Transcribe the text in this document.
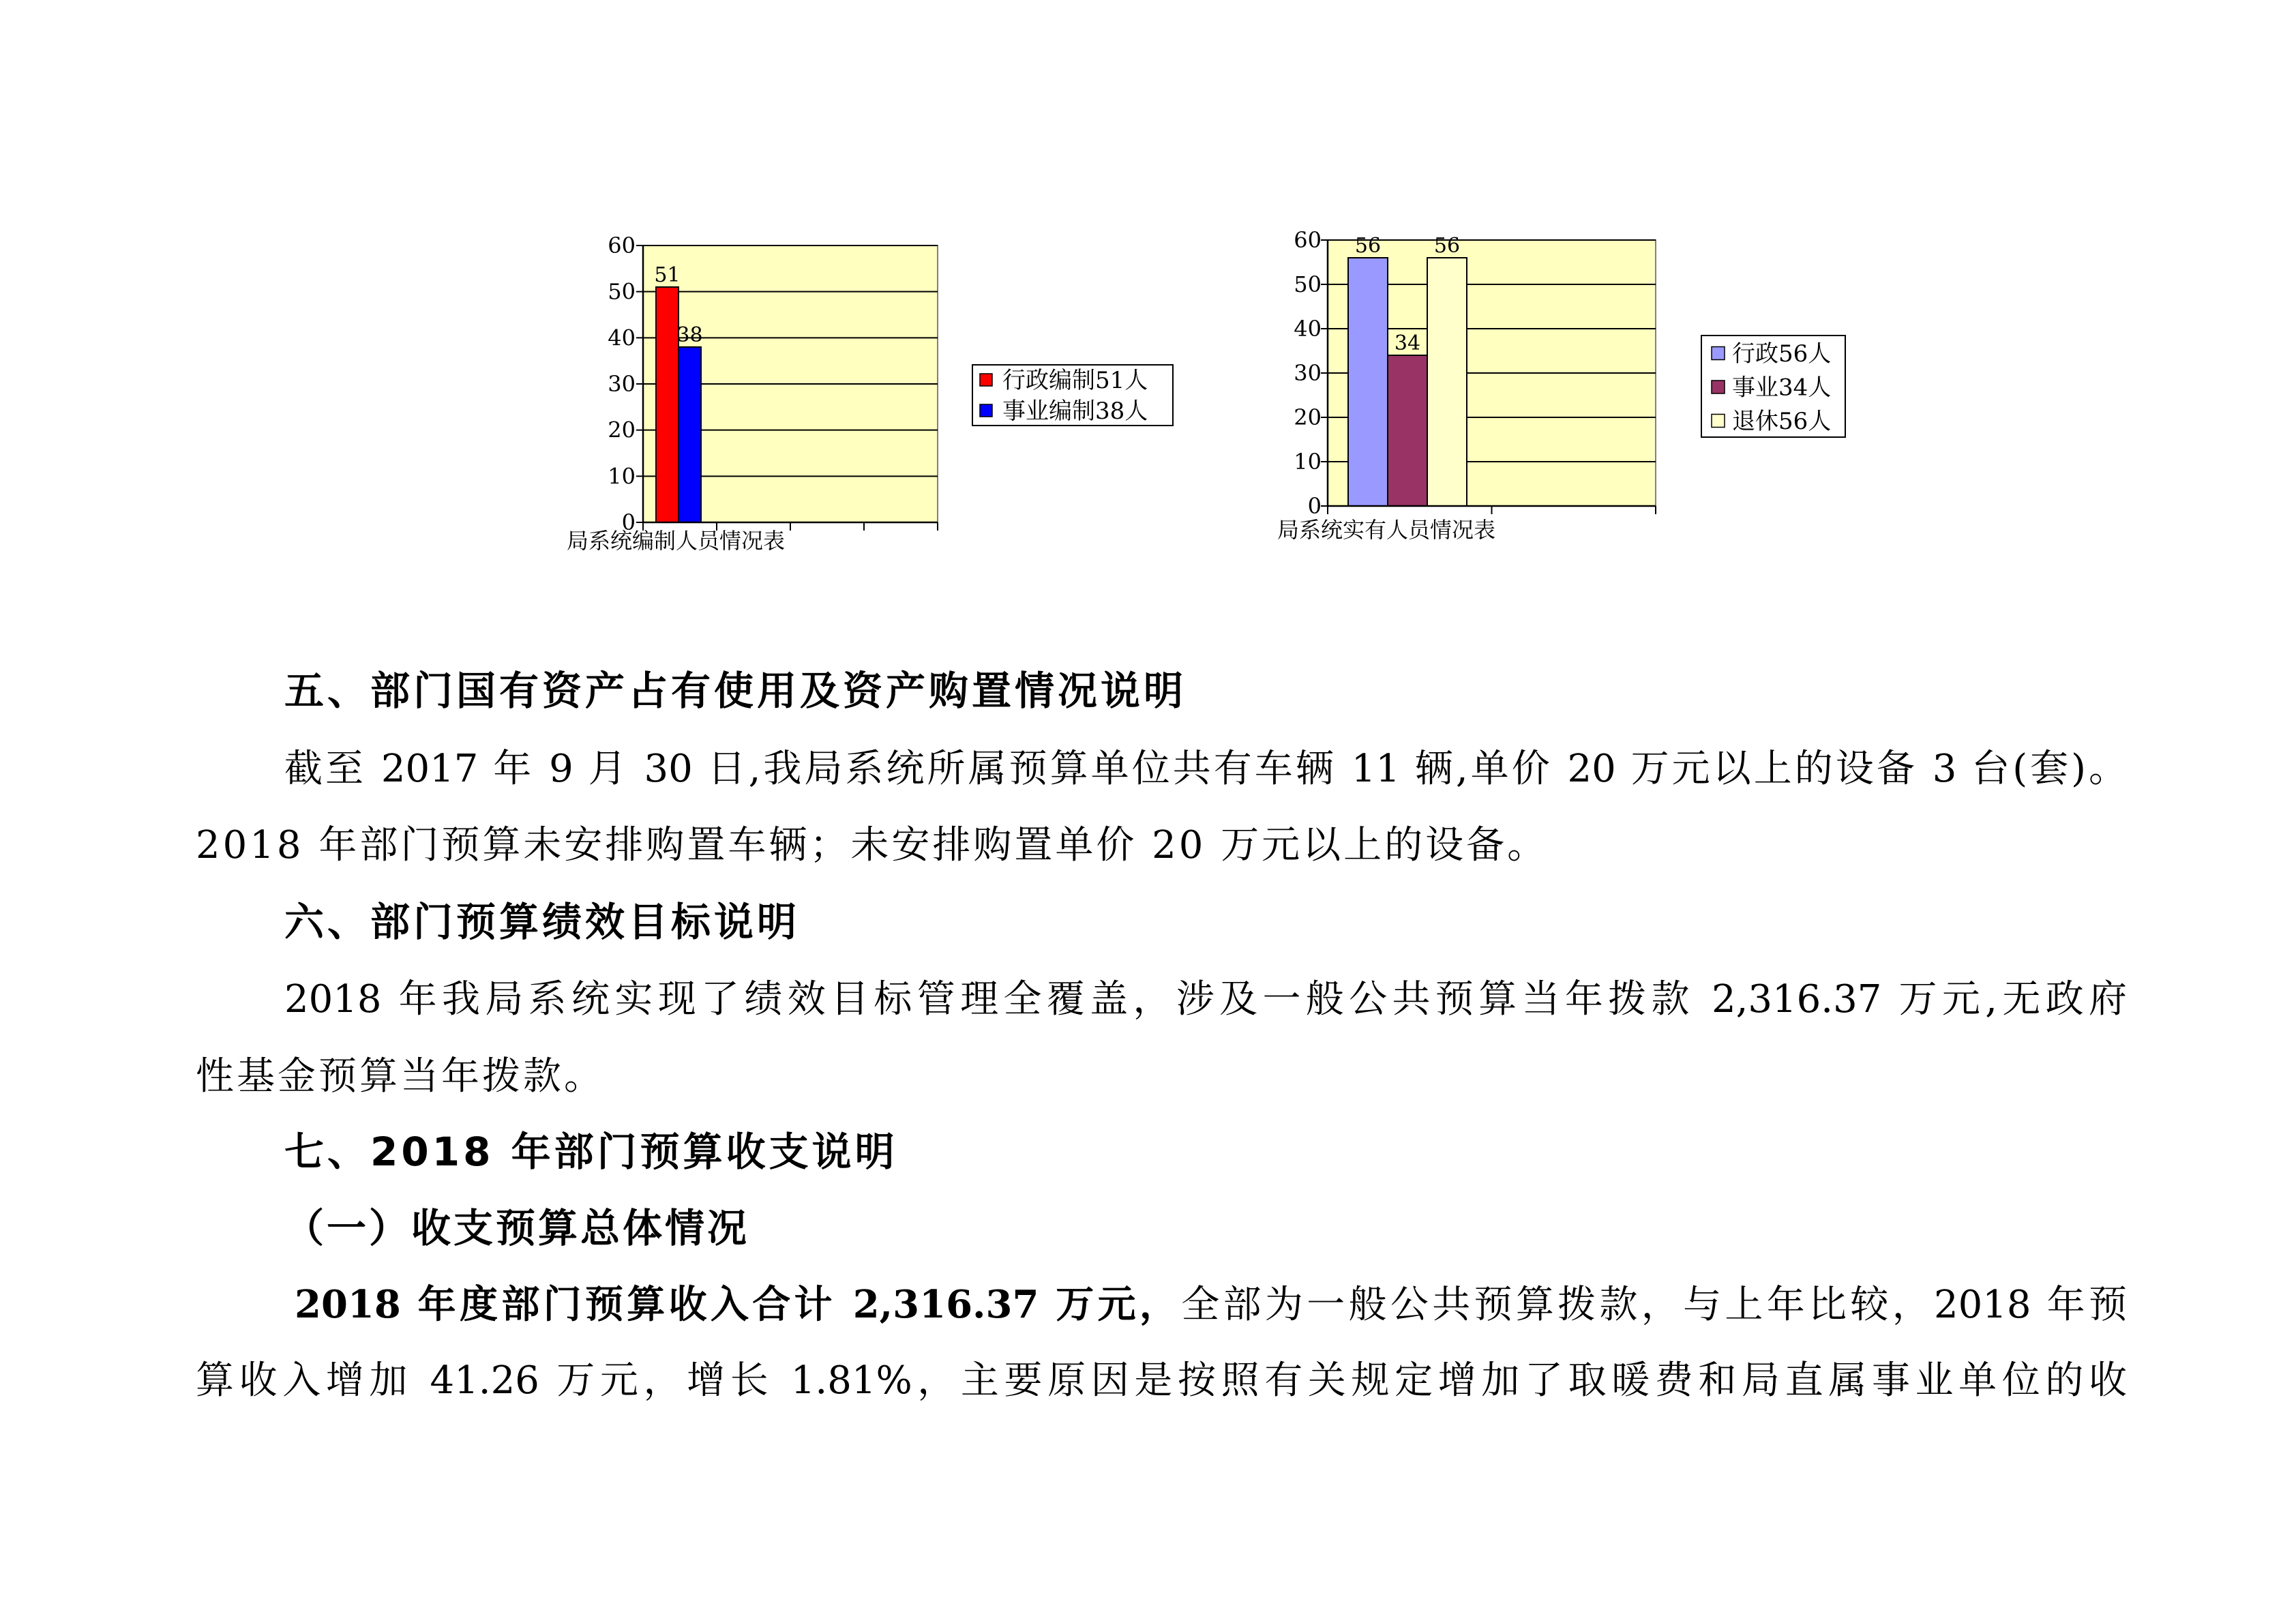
0
10
20
30
40
50
60
51
38
局系统编制人员情况表
行政编制51人
事业编制38人
0
10
20
30
40
50
60 56
34
56
局系统实有人员情况表
行政56人
事业34人
退休56人
五、部门国有资产占有使用及资产购置情况说明
截至 2017 年 9 月 30 日,我局系统所属预算单位共有车辆 11 辆,单价 20 万元以上的设备 3 台(套)。
2018 年部门预算未安排购置车辆；未安排购置单价 20 万元以上的设备。
六、部门预算绩效目标说明
2018 年我局系统实现了绩效目标管理全覆盖，涉及一般公共预算当年拨款 2,316.37 万元,无政府
性基金预算当年拨款。
七、2018 年部门预算收支说明
（一）收支预算总体情况
2018 年度部门预算收入合计 2,316.37 万元，全部为一般公共预算拨款，与上年比较，2018 年预
算收入增加 41.26 万元，增长 1.81%，主要原因是按照有关规定增加了取暖费和局直属事业单位的收
